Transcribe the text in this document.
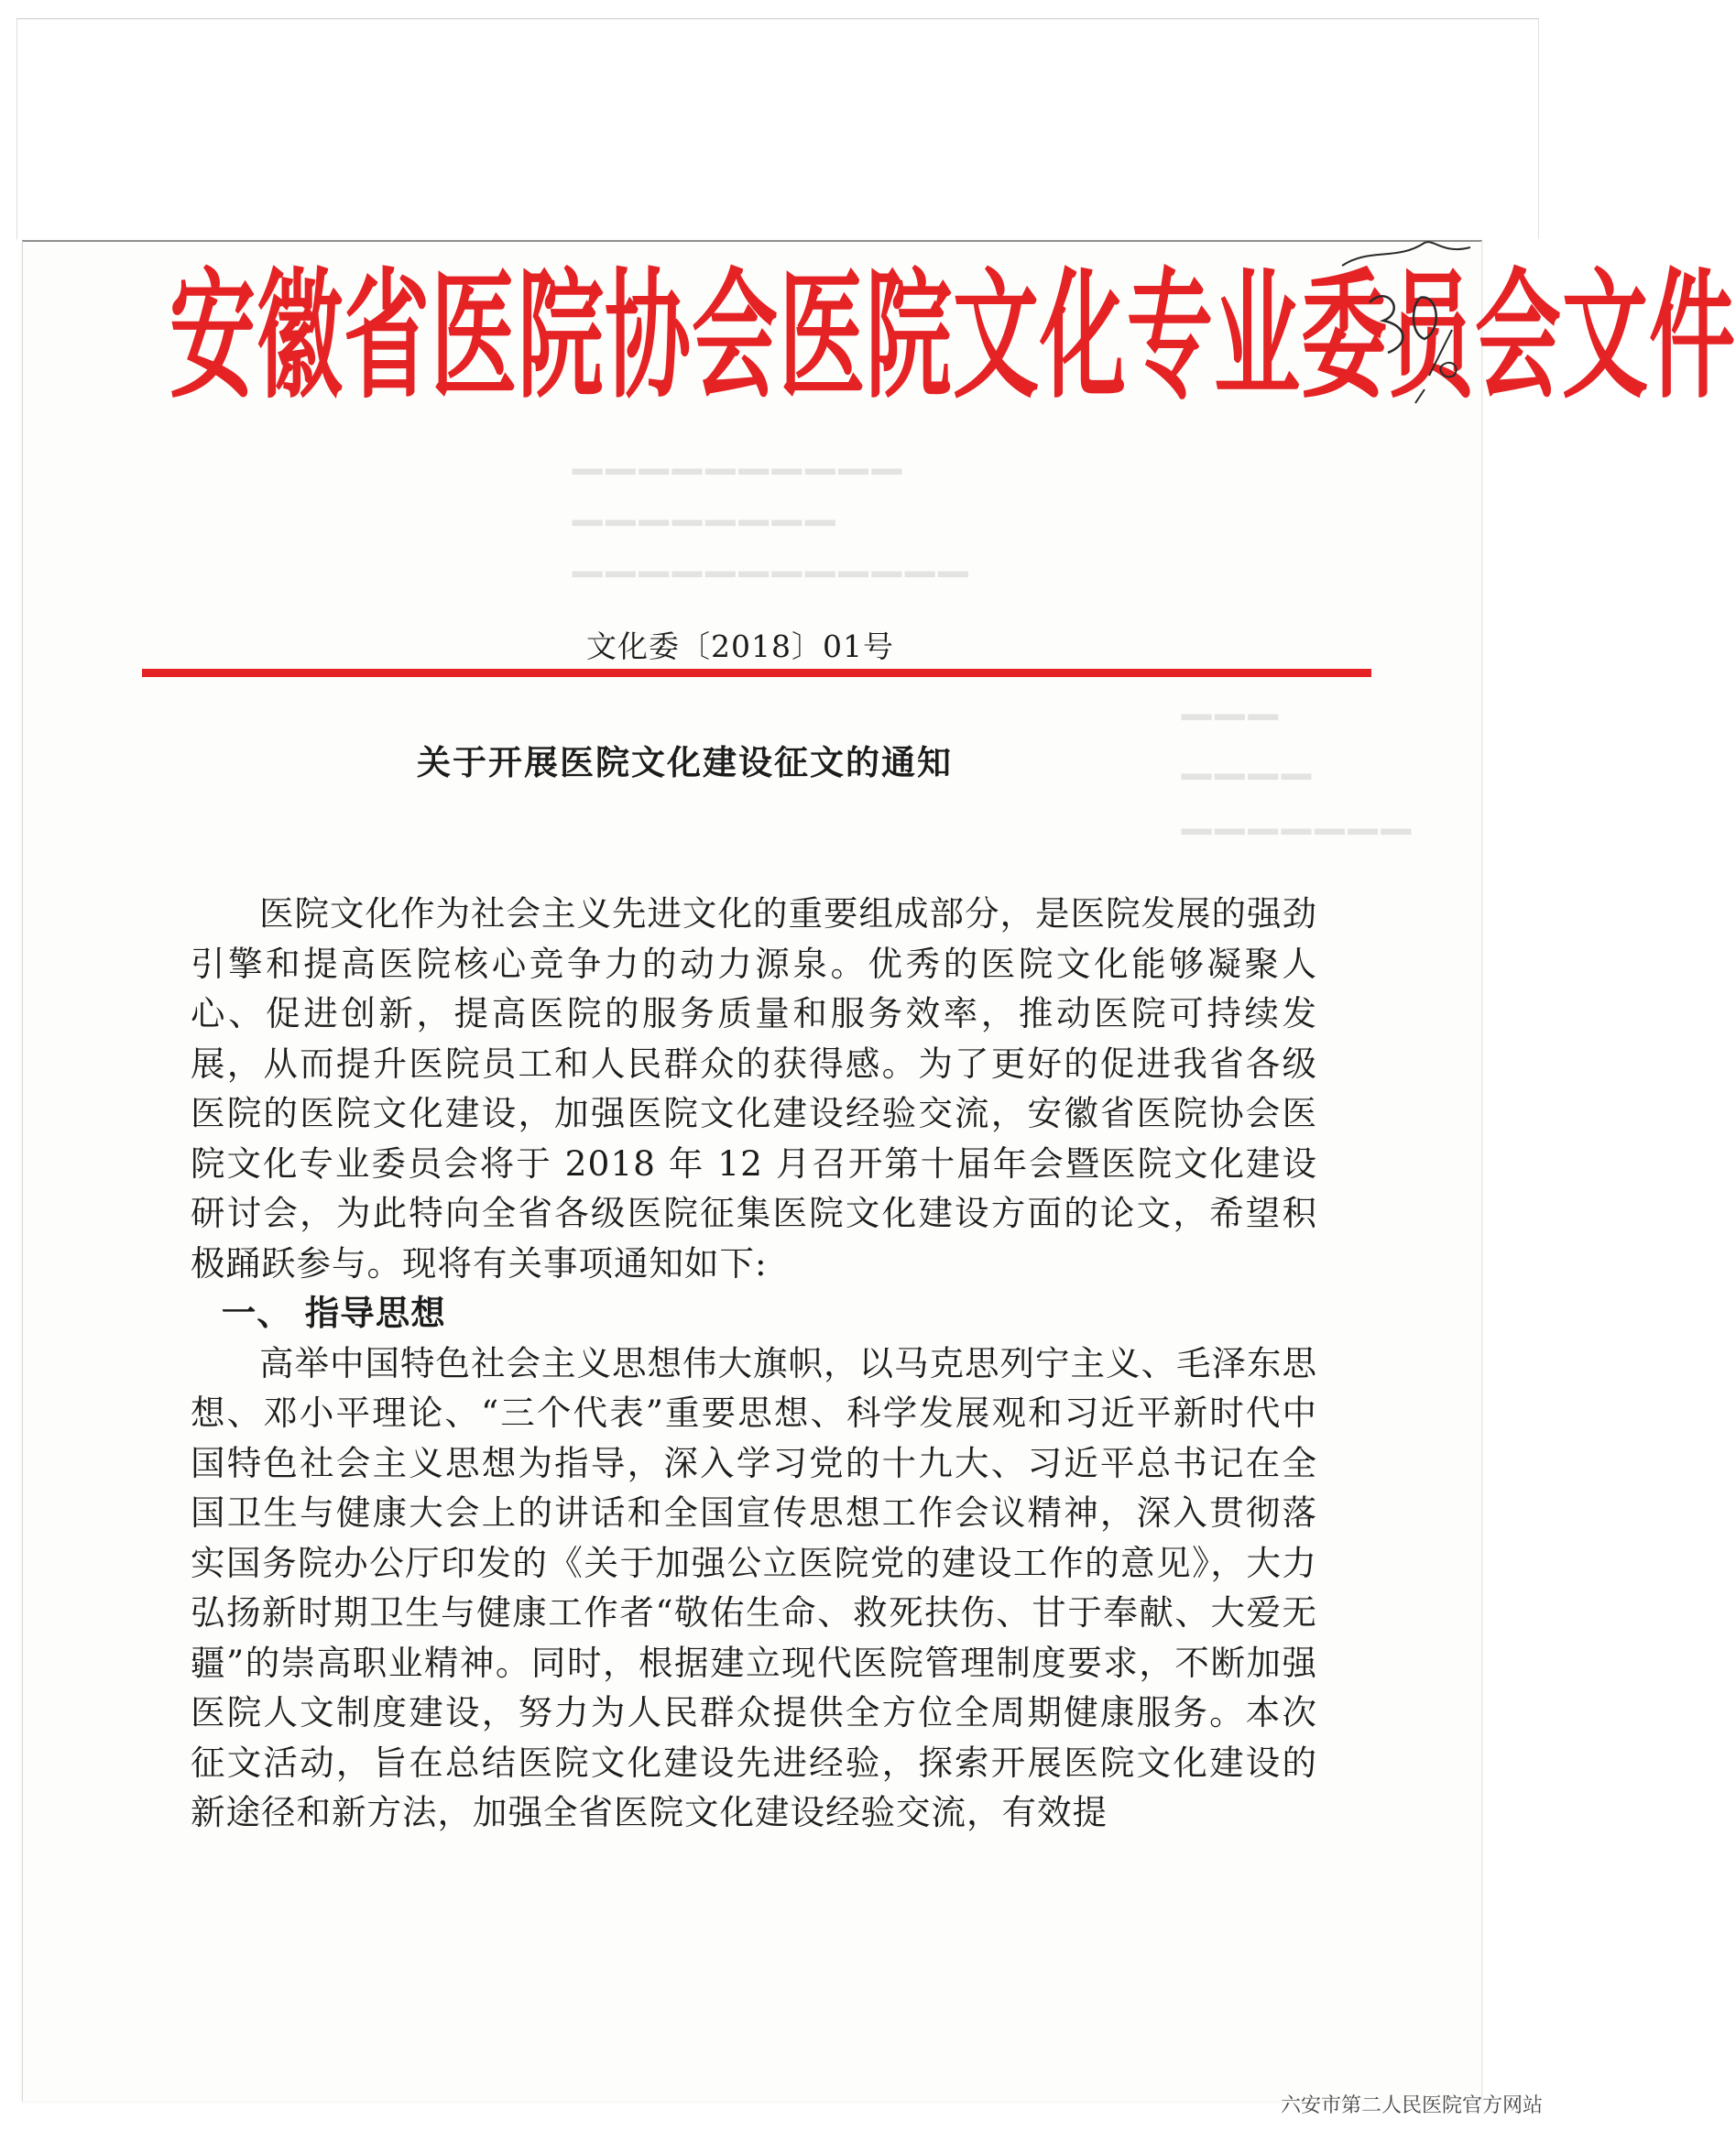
▔▔▔▔▔▔▔▔▔▔
▔▔▔▔▔▔▔▔
▔▔▔▔▔▔▔▔▔▔▔▔
▔▔▔
▔▔▔▔
▔▔▔▔▔▔▔
安徽省医院协会医院文化专业委员会文件
文化委〔2018〕01号
关于开展医院文化建设征文的通知

医院文化作为社会主义先进文化的重要组成部分，是医院发展的强劲引擎和提高医院核心竞争力的动力源泉。优秀的医院文化能够凝聚人心、促进创新，提高医院的服务质量和服务效率，推动医院可持续发展，从而提升医院员工和人民群众的获得感。为了更好的促进我省各级医院的医院文化建设，加强医院文化建设经验交流，安徽省医院协会医院文化专业委员会将于 2018 年 12 月召开第十届年会暨医院文化建设研讨会，为此特向全省各级医院征集医院文化建设方面的论文，希望积极踊跃参与。现将有关事项通知如下:

一、 指导思想

高举中国特色社会主义思想伟大旗帜，以马克思列宁主义、毛泽东思想、邓小平理论、“三个代表”重要思想、科学发展观和习近平新时代中国特色社会主义思想为指导，深入学习党的十九大、习近平总书记在全国卫生与健康大会上的讲话和全国宣传思想工作会议精神，深入贯彻落实国务院办公厅印发的《关于加强公立医院党的建设工作的意见》，大力弘扬新时期卫生与健康工作者“敬佑生命、救死扶伤、甘于奉献、大爱无疆”的崇高职业精神。同时，根据建立现代医院管理制度要求，不断加强医院人文制度建设，努力为人民群众提供全方位全周期健康服务。本次征文活动，旨在总结医院文化建设先进经验，探索开展医院文化建设的新途径和新方法，加强全省医院文化建设经验交流，有效提

六安市第二人民医院官方网站
